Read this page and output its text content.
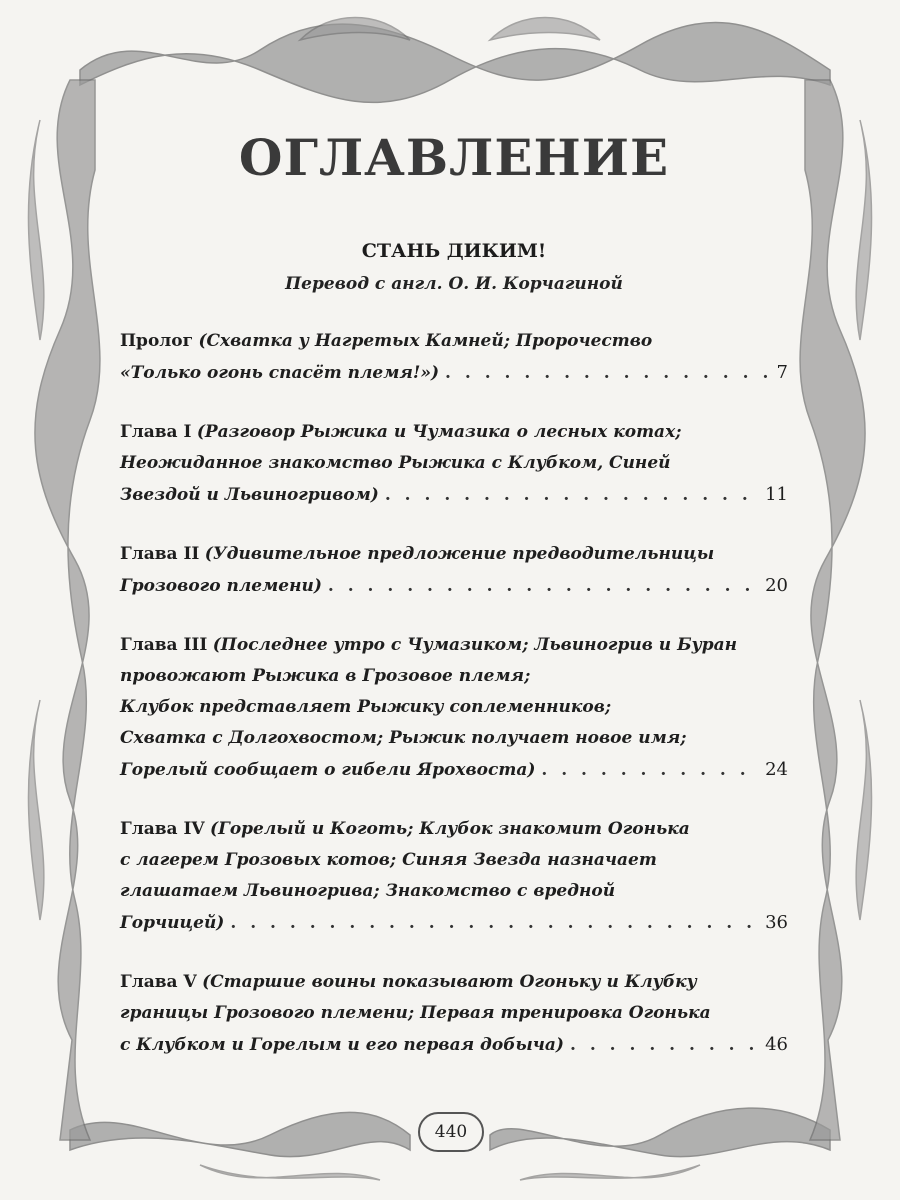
ОГЛАВЛЕНИЕ
СТАНЬ ДИКИМ!
Перевод с англ. О. И. Корчагиной
Пролог
(Схватка у Нагретых Камней; Пророчество
«Только огонь спасёт племя!») . . .	7
Глава I
(Разговор Рыжика и Чумазика о лесных котах;
Неожиданное знакомство Рыжика с Клубком, Синей
Звездой и Львиногривом) . . .	11
Глава II
(Удивительное предложение предводительницы
Грозового племени) . . .	20
Глава III
(Последнее утро с Чумазиком; Львиногрив и Буран
провожают Рыжика в Грозовое племя;
Клубок представляет Рыжику соплеменников;
Схватка с Долгохвостом; Рыжик получает новое имя;
Горелый сообщает о гибели Ярохвоста) . . .	24
Глава IV
(Горелый и Коготь; Клубок знакомит Огонька
с лагерем Грозовых котов; Синяя Звезда назначает
глашатаем Львиногрива; Знакомство с вредной
Горчицей) . . .	36
Глава V
(Старшие воины показывают Огоньку и Клубку
границы Грозового племени; Первая тренировка Огонька
с Клубком и Горелым и его первая добыча) . . .	46
440
